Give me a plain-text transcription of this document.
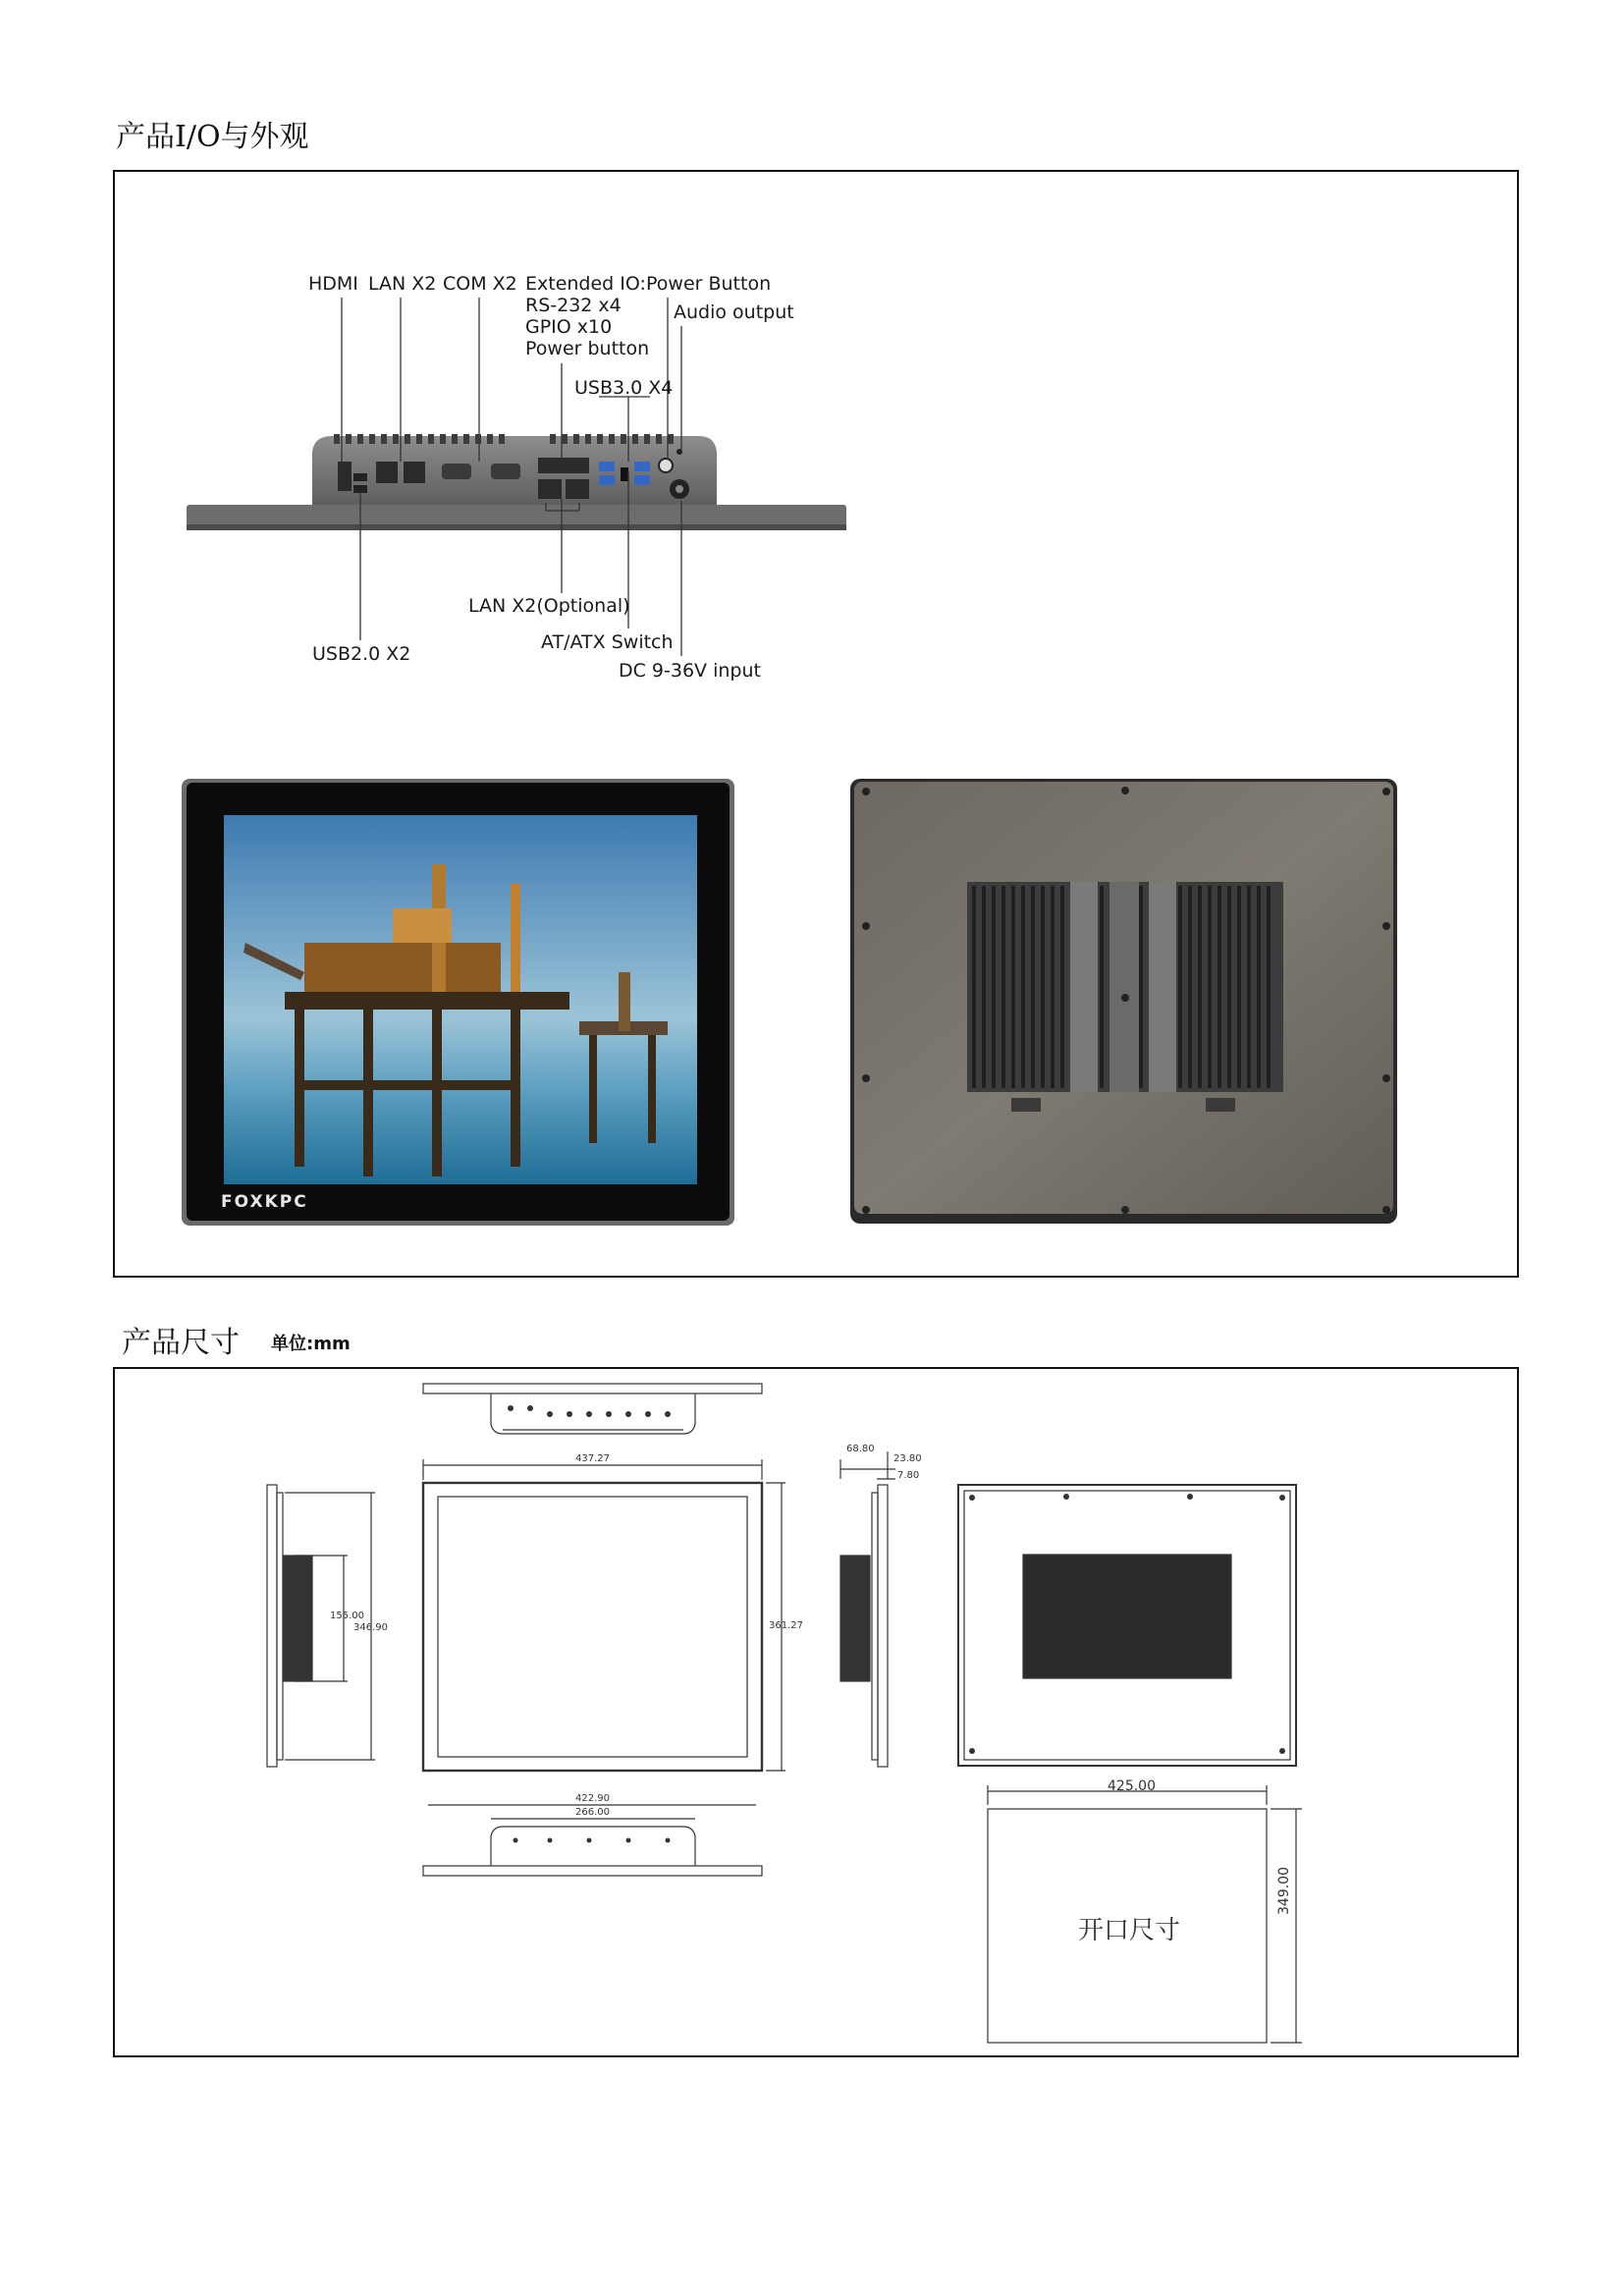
产品I/O与外观
HDMI LAN X2 COM X2 Extended IO:
RS-232 x4
GPIO x10
Power button
Power Button
Audio output
USB3.0 X4
LAN X2(Optional)
USB2.0 X2
AT/ATX Switch
DC 9-36V input
FOXKPC
产品尺寸 单位:mm
437.27
361.27
155.00
346.90
68.80
23.80
7.80
422.90
266.00
425.00
349.00
开口尺寸
